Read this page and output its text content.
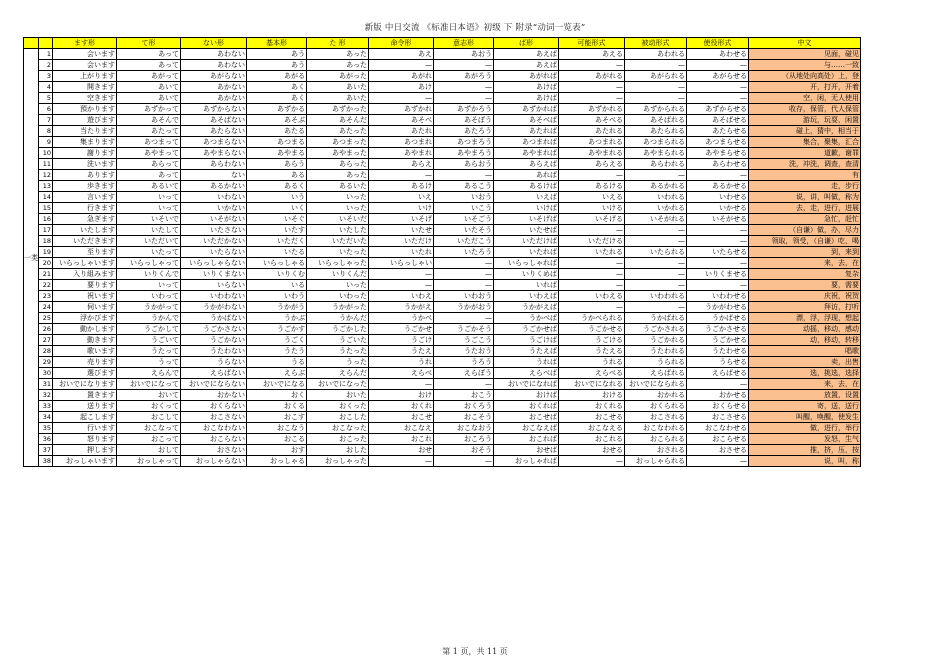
新版 中日交流 《标准日本语》初级 下 附录“动词一览表”
		ます形	て形	ない形	基本形	た 形	命令形	意志形	ば形	可能形式	被动形式	使役形式	中文
一类	1	会います	あって	あわない	あう	あった	あえ	あおう	あえば	あえる	あわれる	あわせる	见面，碰见
	2	会います	あって	あわない	あう	あった	—	—	あえば	—	—	—	与……一致
	3	上がります	あがって	あがらない	あがる	あがった	あがれ	あがろう	あがれば	あがれる	あがられる	あがらせる	（从地处向高处）上，登
	4	開きます	あいて	あかない	あく	あいた	あけ	—	あけば	—	—	—	开，打开，开着
	5	空きます	あいて	あかない	あく	あいた	—	—	あけば	—	—	—	空，闲，无人使用
	6	預かります	あずかって	あずからない	あずかる	あずかった	あずかれ	あずかろう	あずかれば	あずかれる	あずかられる	あずからせる	收存，保管，代人保管
	7	遊びます	あそんで	あそばない	あそぶ	あそんだ	あそべ	あそぼう	あそべば	あそべる	あそばれる	あそばせる	游玩，玩耍，闲置
	8	当たります	あたって	あたらない	あたる	あたった	あたれ	あたろう	あたれば	あたれる	あたられる	あたらせる	碰上，猜中，相当于
	9	集まります	あつまって	あつまらない	あつまる	あつまった	あつまれ	あつまろう	あつまれば	あつまれる	あつまられる	あつまらせる	集合，聚集，汇合
	10	謝ります	あやまって	あやまらない	あやまる	あやまった	あやまれ	あやまろう	あやまれば	あやまれる	あやまられる	あやまらせる	道歉，谢罪
	11	洗います	あらって	あらわない	あらう	あらった	あらえ	あらおう	あらえば	あらえる	あらわれる	あらわせる	洗，冲洗，调查，查清
	12	あります	あって	ない	ある	あった	—	—	あれば	—	—	—	有
	13	歩きます	あるいて	あるかない	あるく	あるいた	あるけ	あるこう	あるけば	あるける	あるかれる	あるかせる	走，步行
	14	言います	いって	いわない	いう	いった	いえ	いおう	いえば	いえる	いわれる	いわせる	说，讲，叫做，称为
	15	行きます	いって	いかない	いく	いった	いけ	いこう	いけば	いける	いかれる	いかせる	去，走，进行，进展
	16	急ぎます	いそいで	いそがない	いそぐ	いそいだ	いそげ	いそごう	いそげば	いそげる	いそがれる	いそがせる	急忙，赶忙
	17	いたします	いたして	いたさない	いたす	いたした	いたせ	いたそう	いたせば	—	—	—	（自谦）做，办，尽力
	18	いただきます	いただいて	いただかない	いただく	いただいた	いただけ	いただこう	いただけば	いただける	—	—	领取，领受，（自谦）吃，喝
	19	至ります	いたって	いたらない	いたる	いたった	いたれ	いたろう	いたれば	いたれる	いたられる	いたらせる	到，来到
	20	いらっしゃいます	いらっしゃって	いらっしゃらない	いらっしゃる	いらっしゃった	いらっしゃい	—	いらっしゃれば	—	—	—	来，去，在
	21	入り組みます	いりくんで	いりくまない	いりくむ	いりくんだ	—	—	いりくめば	—	—	いりくませる	复杂
	22	要ります	いって	いらない	いる	いった	—	—	いれば	—	—	—	要，需要
	23	祝います	いわって	いわわない	いわう	いわった	いわえ	いわおう	いわえば	いわえる	いわわれる	いわわせる	庆祝，祝贺
	24	伺います	うかがって	うかがわない	うかがう	うかがった	うかがえ	うかがおう	うかがえば	—	—	うかがわせる	拜访，打听
	25	浮かびます	うかんで	うかばない	うかぶ	うかんだ	うかべ	—	うかべば	うかべられる	うかばれる	うかばせる	漂，浮，浮现，想起
	26	動かします	うごかして	うごかさない	うごかす	うごかした	うごかせ	うごかそう	うごかせば	うごかせる	うごかされる	うごかさせる	动摇，移动，感动
	27	動きます	うごいて	うごかない	うごく	うごいた	うごけ	うごこう	うごけば	うごける	うごかれる	うごかせる	动，移动，转移
	28	歌います	うたって	うたわない	うたう	うたった	うたえ	うたおう	うたえば	うたえる	うたわれる	うたわせる	唱歌
	29	売ります	うって	うらない	うる	うった	うれ	うろう	うれば	うれる	うられる	うらせる	卖，出售
	30	選びます	えらんで	えらばない	えらぶ	えらんだ	えらべ	えらぼう	えらべば	えらべる	えらばれる	えらばせる	选，挑选，选择
	31	おいでになります	おいでになって	おいでにならない	おいでになる	おいでになった	—	—	おいでになれば	おいでになれる	おいでになられる	—	来，去，在
	32	置きます	おいて	おかない	おく	おいた	おけ	おこう	おけば	おける	おかれる	おかせる	放置，设置
	33	送ります	おくって	おくらない	おくる	おくった	おくれ	おくろう	おくれば	おくれる	おくられる	おくらせる	寄，送，送行
	34	起こします	おこして	おこさない	おこす	おこした	おこせ	おこそう	おこせば	おこせる	おこされる	おこさせる	叫醒，唤醒，使发生
	35	行います	おこなって	おこなわない	おこなう	おこなった	おこなえ	おこなおう	おこなえば	おこなえる	おこなわれる	おこなわせる	做，进行，举行
	36	怒ります	おこって	おこらない	おこる	おこった	おこれ	おころう	おこれば	おこれる	おこられる	おこらせる	发怒，生气
	37	押します	おして	おさない	おす	おした	おせ	おそう	おせば	おせる	おされる	おさせる	推，挤，压，按
	38	おっしゃいます	おっしゃって	おっしゃらない	おっしゃる	おっしゃった	—	—	おっしゃれば	—	おっしゃられる	—	说，叫，称
第 1 页，共 11 页
